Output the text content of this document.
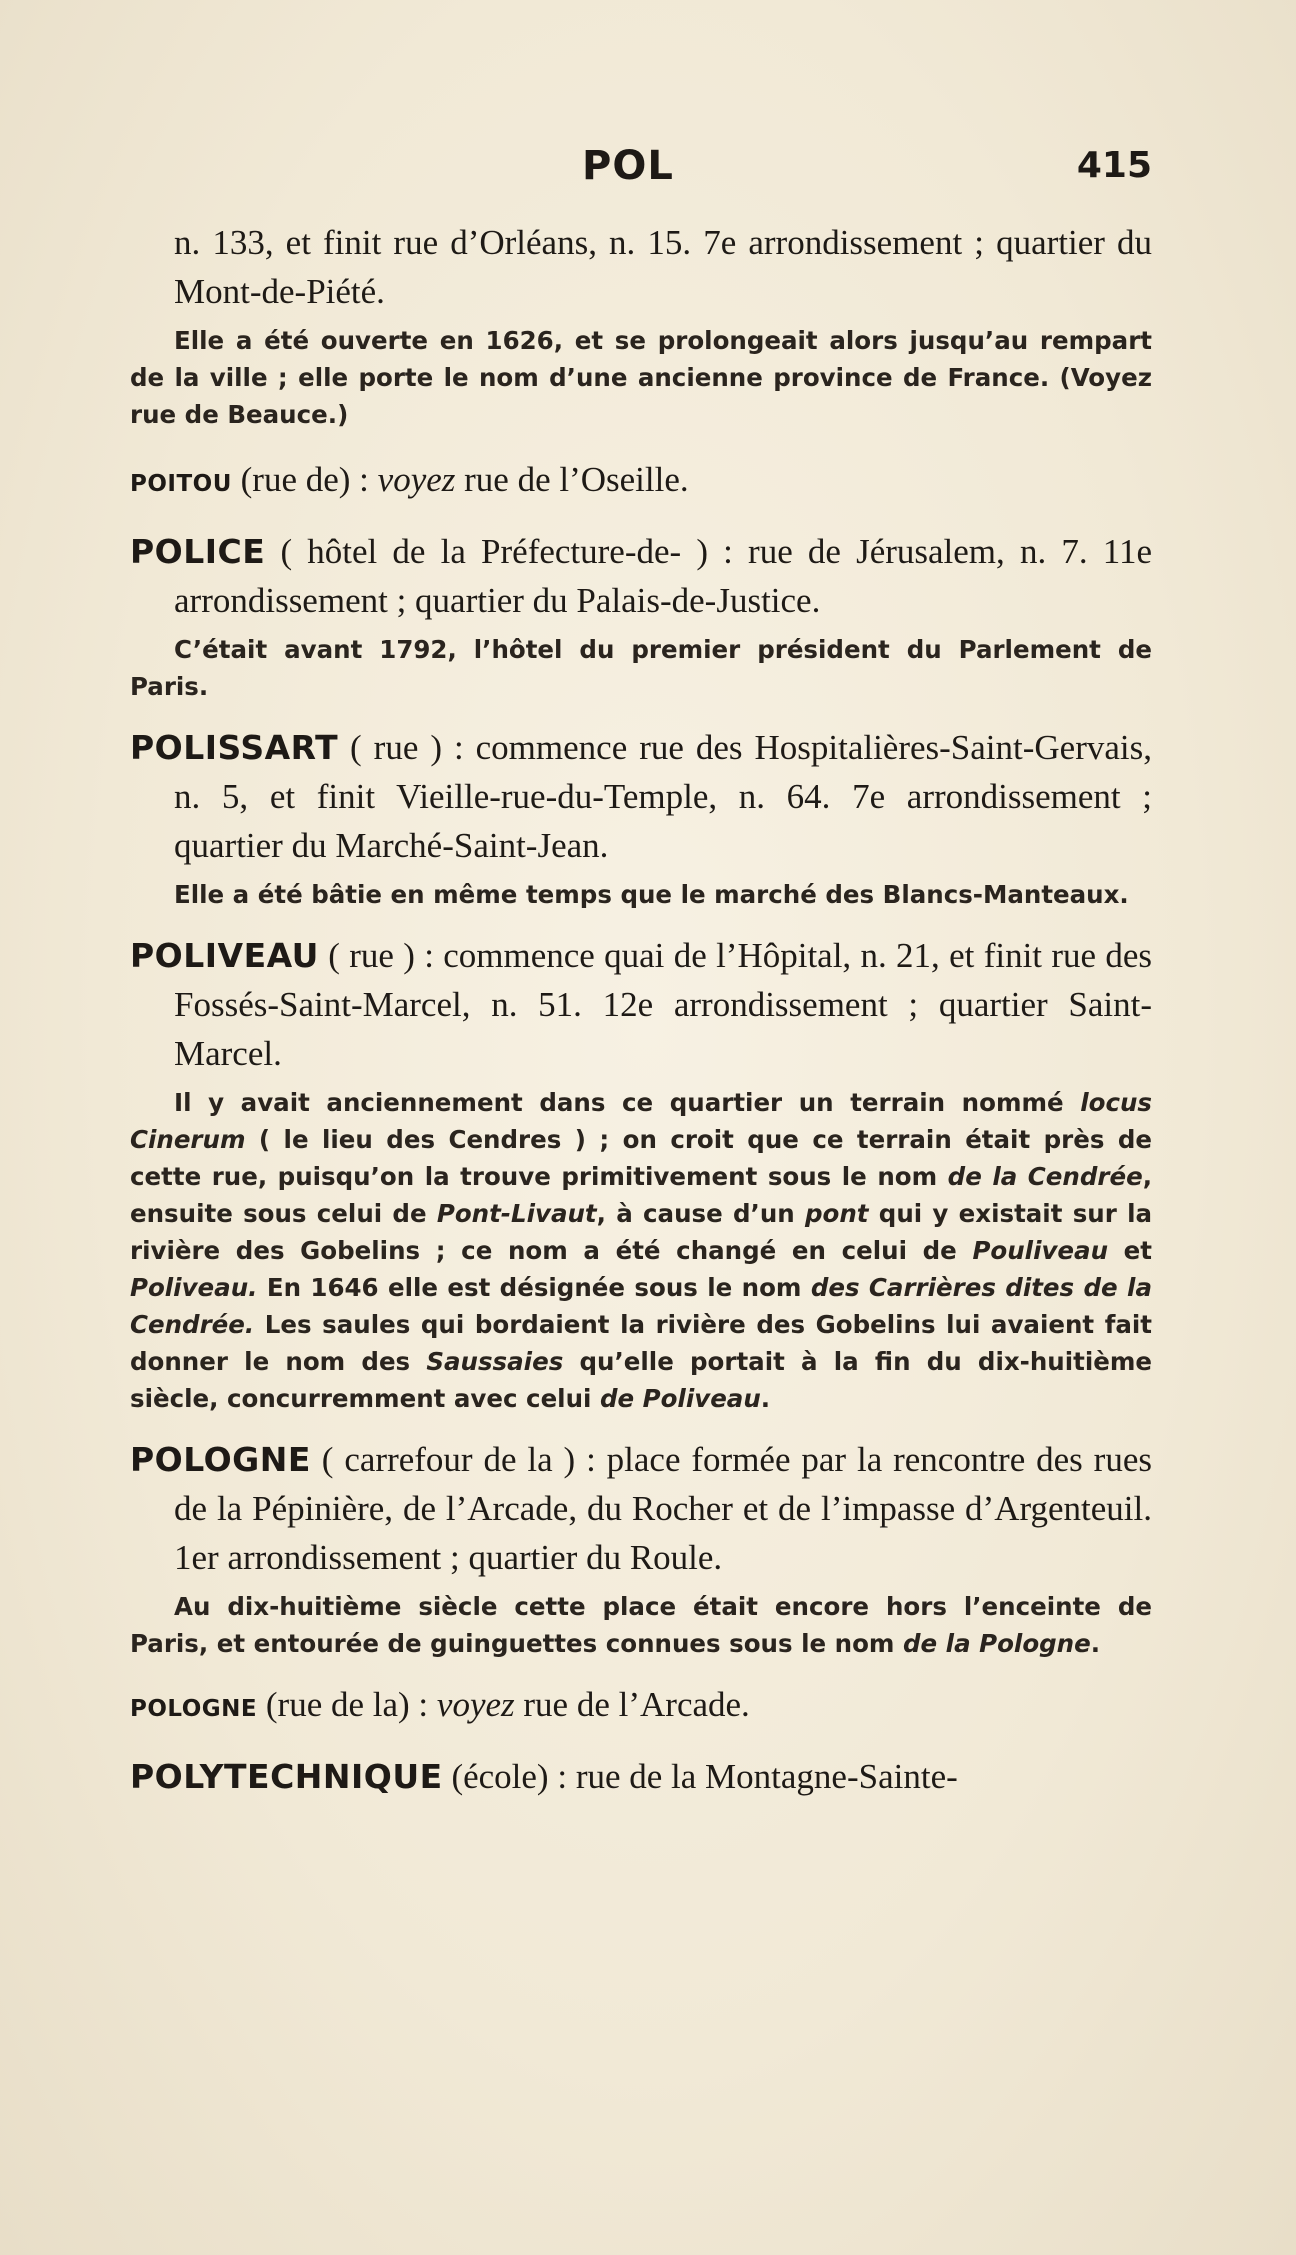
POL	415

n. 133, et finit rue d’Orléans, n. 15. 7e arrondissement ; quartier du Mont-de-Piété.

Elle a été ouverte en 1626, et se prolongeait alors jusqu’au rempart de la ville ; elle porte le nom d’une ancienne province de France. (Voyez rue de Beauce.)

POITOU (rue de) : voyez rue de l’Oseille.

POLICE ( hôtel de la Préfecture-de- ) : rue de Jérusalem, n. 7. 11e arrondissement ; quartier du Palais-de-Justice.

C’était avant 1792, l’hôtel du premier président du Parlement de Paris.

POLISSART ( rue ) : commence rue des Hospitalières-Saint-Gervais, n. 5, et finit Vieille-rue-du-Temple, n. 64. 7e arrondissement ; quartier du Marché-Saint-Jean.

Elle a été bâtie en même temps que le marché des Blancs-Manteaux.

POLIVEAU ( rue ) : commence quai de l’Hôpital, n. 21, et finit rue des Fossés-Saint-Marcel, n. 51. 12e arrondissement ; quartier Saint-Marcel.

Il y avait anciennement dans ce quartier un terrain nommé locus Cinerum ( le lieu des Cendres ) ; on croit que ce terrain était près de cette rue, puisqu’on la trouve primitivement sous le nom de la Cendrée, ensuite sous celui de Pont-Livaut, à cause d’un pont qui y existait sur la rivière des Gobelins ; ce nom a été changé en celui de Pouliveau et Poliveau. En 1646 elle est désignée sous le nom des Carrières dites de la Cendrée. Les saules qui bordaient la rivière des Gobelins lui avaient fait donner le nom des Saussaies qu’elle portait à la fin du dix-huitième siècle, concurremment avec celui de Poliveau.

POLOGNE ( carrefour de la ) : place formée par la rencontre des rues de la Pépinière, de l’Arcade, du Rocher et de l’impasse d’Argenteuil. 1er arrondissement ; quartier du Roule.

Au dix-huitième siècle cette place était encore hors l’enceinte de Paris, et entourée de guinguettes connues sous le nom de la Pologne.

POLOGNE (rue de la) : voyez rue de l’Arcade.

POLYTECHNIQUE (école) : rue de la Montagne-Sainte-
